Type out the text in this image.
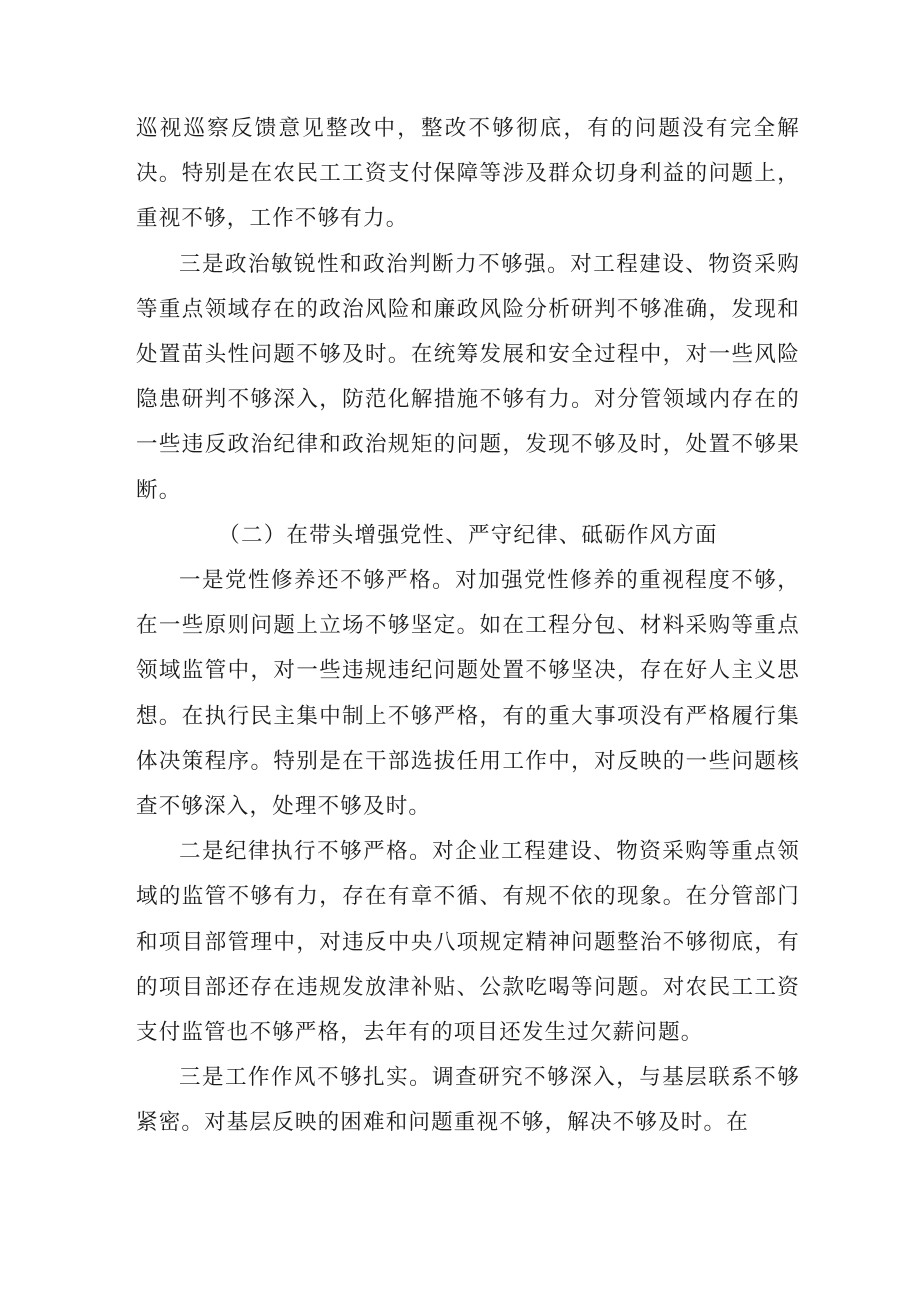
巡视巡察反馈意见整改中，整改不够彻底，有的问题没有完全解决。特别是在农民工工资支付保障等涉及群众切身利益的问题上，重视不够，工作不够有力。

三是政治敏锐性和政治判断力不够强。对工程建设、物资采购等重点领域存在的政治风险和廉政风险分析研判不够准确，发现和处置苗头性问题不够及时。在统筹发展和安全过程中，对一些风险隐患研判不够深入，防范化解措施不够有力。对分管领域内存在的一些违反政治纪律和政治规矩的问题，发现不够及时，处置不够果断。

（二）在带头增强党性、严守纪律、砥砺作风方面

一是党性修养还不够严格。对加强党性修养的重视程度不够，在一些原则问题上立场不够坚定。如在工程分包、材料采购等重点领域监管中，对一些违规违纪问题处置不够坚决，存在好人主义思想。在执行民主集中制上不够严格，有的重大事项没有严格履行集体决策程序。特别是在干部选拔任用工作中，对反映的一些问题核查不够深入，处理不够及时。

二是纪律执行不够严格。对企业工程建设、物资采购等重点领域的监管不够有力，存在有章不循、有规不依的现象。在分管部门和项目部管理中，对违反中央八项规定精神问题整治不够彻底，有的项目部还存在违规发放津补贴、公款吃喝等问题。对农民工工资支付监管也不够严格，去年有的项目还发生过欠薪问题。

三是工作作风不够扎实。调查研究不够深入，与基层联系不够紧密。对基层反映的困难和问题重视不够，解决不够及时。在
